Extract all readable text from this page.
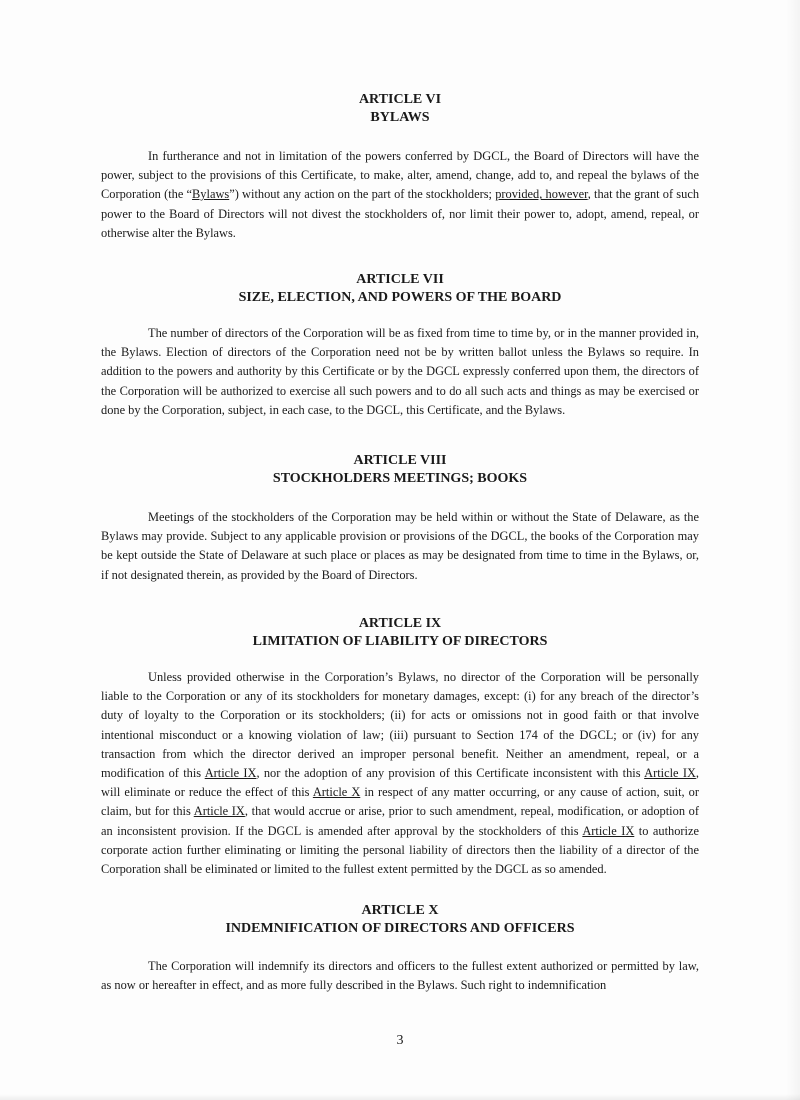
ARTICLE VI
BYLAWS
In furtherance and not in limitation of the powers conferred by DGCL, the Board of Directors will have the power, subject to the provisions of this Certificate, to make, alter, amend, change, add to, and repeal the bylaws of the Corporation (the “Bylaws”) without any action on the part of the stockholders; provided, however, that the grant of such power to the Board of Directors will not divest the stockholders of, nor limit their power to, adopt, amend, repeal, or otherwise alter the Bylaws.
ARTICLE VII
SIZE, ELECTION, AND POWERS OF THE BOARD
The number of directors of the Corporation will be as fixed from time to time by, or in the manner provided in, the Bylaws. Election of directors of the Corporation need not be by written ballot unless the Bylaws so require. In addition to the powers and authority by this Certificate or by the DGCL expressly conferred upon them, the directors of the Corporation will be authorized to exercise all such powers and to do all such acts and things as may be exercised or done by the Corporation, subject, in each case, to the DGCL, this Certificate, and the Bylaws.
ARTICLE VIII
STOCKHOLDERS MEETINGS; BOOKS
Meetings of the stockholders of the Corporation may be held within or without the State of Delaware, as the Bylaws may provide. Subject to any applicable provision or provisions of the DGCL, the books of the Corporation may be kept outside the State of Delaware at such place or places as may be designated from time to time in the Bylaws, or, if not designated therein, as provided by the Board of Directors.
ARTICLE IX
LIMITATION OF LIABILITY OF DIRECTORS
Unless provided otherwise in the Corporation’s Bylaws, no director of the Corporation will be personally liable to the Corporation or any of its stockholders for monetary damages, except: (i) for any breach of the director’s duty of loyalty to the Corporation or its stockholders; (ii) for acts or omissions not in good faith or that involve intentional misconduct or a knowing violation of law; (iii) pursuant to Section 174 of the DGCL; or (iv) for any transaction from which the director derived an improper personal benefit. Neither an amendment, repeal, or a modification of this Article IX, nor the adoption of any provision of this Certificate inconsistent with this Article IX, will eliminate or reduce the effect of this Article X in respect of any matter occurring, or any cause of action, suit, or claim, but for this Article IX, that would accrue or arise, prior to such amendment, repeal, modification, or adoption of an inconsistent provision. If the DGCL is amended after approval by the stockholders of this Article IX to authorize corporate action further eliminating or limiting the personal liability of directors then the liability of a director of the Corporation shall be eliminated or limited to the fullest extent permitted by the DGCL as so amended.
ARTICLE X
INDEMNIFICATION OF DIRECTORS AND OFFICERS
The Corporation will indemnify its directors and officers to the fullest extent authorized or permitted by law, as now or hereafter in effect, and as more fully described in the Bylaws. Such right to indemnification
3
